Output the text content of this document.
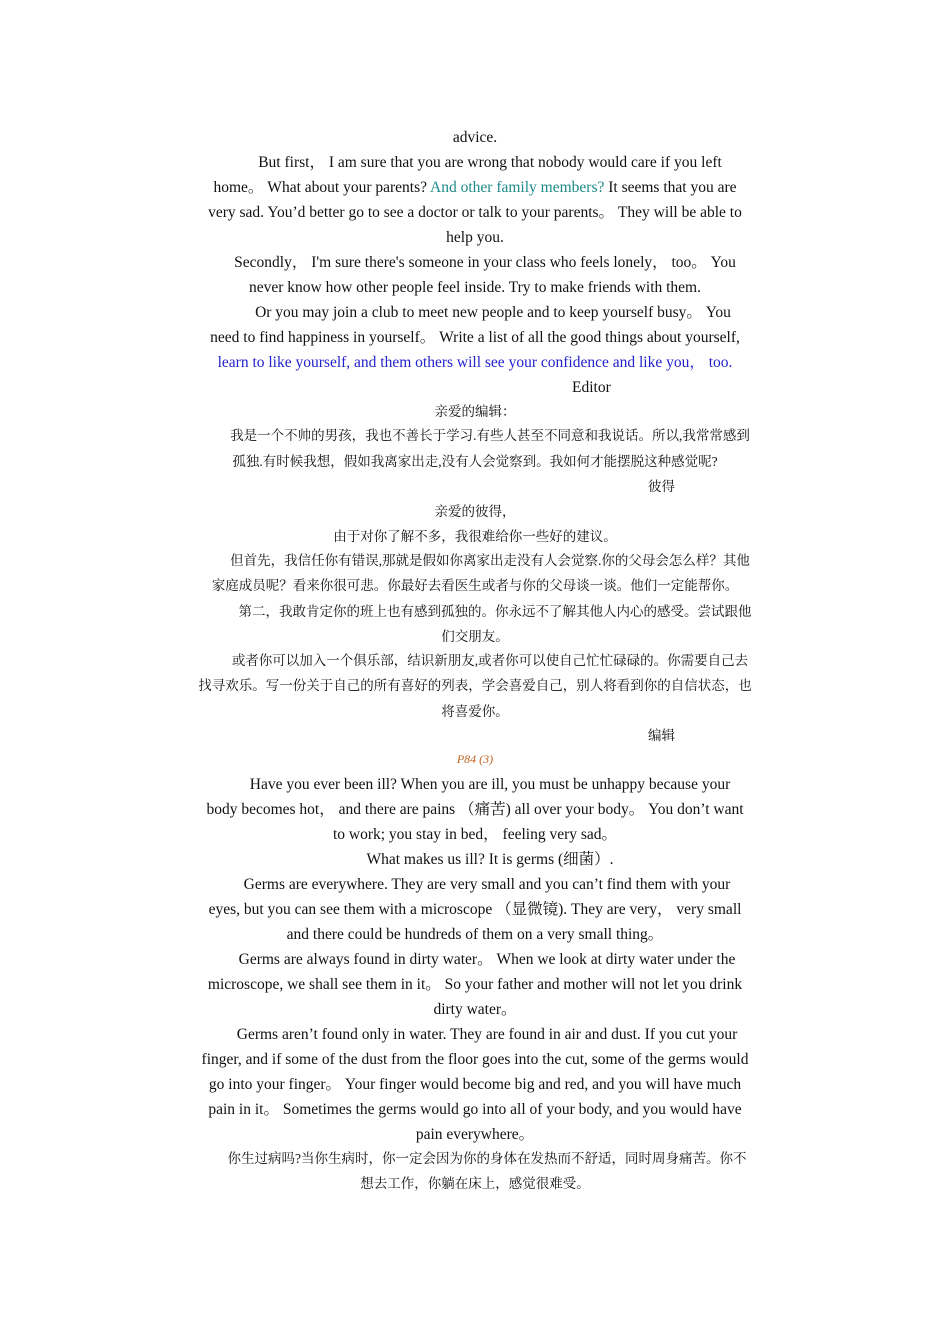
advice.
But first， I am sure that you are wrong that nobody would care if you left
home。 What about your parents? And other family members? It seems that you are
very sad. You’d better go to see a doctor or talk to your parents。 They will be able to
help you.
Secondly， I'm sure there's someone in your class who feels lonely， too。 You
never know how other people feel inside. Try to make friends with them.
Or you may join a club to meet new people and to keep yourself busy。 You
need to find happiness in yourself。 Write a list of all the good things about yourself,
learn to like yourself, and them others will see your confidence and like you， too.
Editor
亲爱的编辑：
我是一个不帅的男孩，我也不善长于学习.有些人甚至不同意和我说话。所以,我常常感到
孤独.有时候我想，假如我离家出走,没有人会觉察到。我如何才能摆脱这种感觉呢?
彼得
亲爱的彼得，
由于对你了解不多，我很难给你一些好的建议。
但首先，我信任你有错误,那就是假如你离家出走没有人会觉察.你的父母会怎么样？其他
家庭成员呢？看来你很可悲。你最好去看医生或者与你的父母谈一谈。他们一定能帮你。
第二，我敢肯定你的班上也有感到孤独的。你永远不了解其他人内心的感受。尝试跟他
们交朋友。
或者你可以加入一个俱乐部，结识新朋友,或者你可以使自己忙忙碌碌的。你需要自己去
找寻欢乐。写一份关于自己的所有喜好的列表，学会喜爱自己，别人将看到你的自信状态，也
将喜爱你。
编辑
P84 (3)
Have you ever been ill? When you are ill, you must be unhappy because your
body becomes hot， and there are pains （痛苦) all over your body。 You don’t want
to work; you stay in bed， feeling very sad。
What makes us ill? It is germs (细菌）.
Germs are everywhere. They are very small and you can’t find them with your
eyes, but you can see them with a microscope （显微镜). They are very， very small
and there could be hundreds of them on a very small thing。
Germs are always found in dirty water。 When we look at dirty water under the
microscope, we shall see them in it。 So your father and mother will not let you drink
dirty water。
Germs aren’t found only in water. They are found in air and dust. If you cut your
finger, and if some of the dust from the floor goes into the cut, some of the germs would
go into your finger。 Your finger would become big and red, and you will have much
pain in it。 Sometimes the germs would go into all of your body, and you would have
pain everywhere。
你生过病吗?当你生病时，你一定会因为你的身体在发热而不舒适，同时周身痛苦。你不
想去工作，你躺在床上，感觉很难受。
